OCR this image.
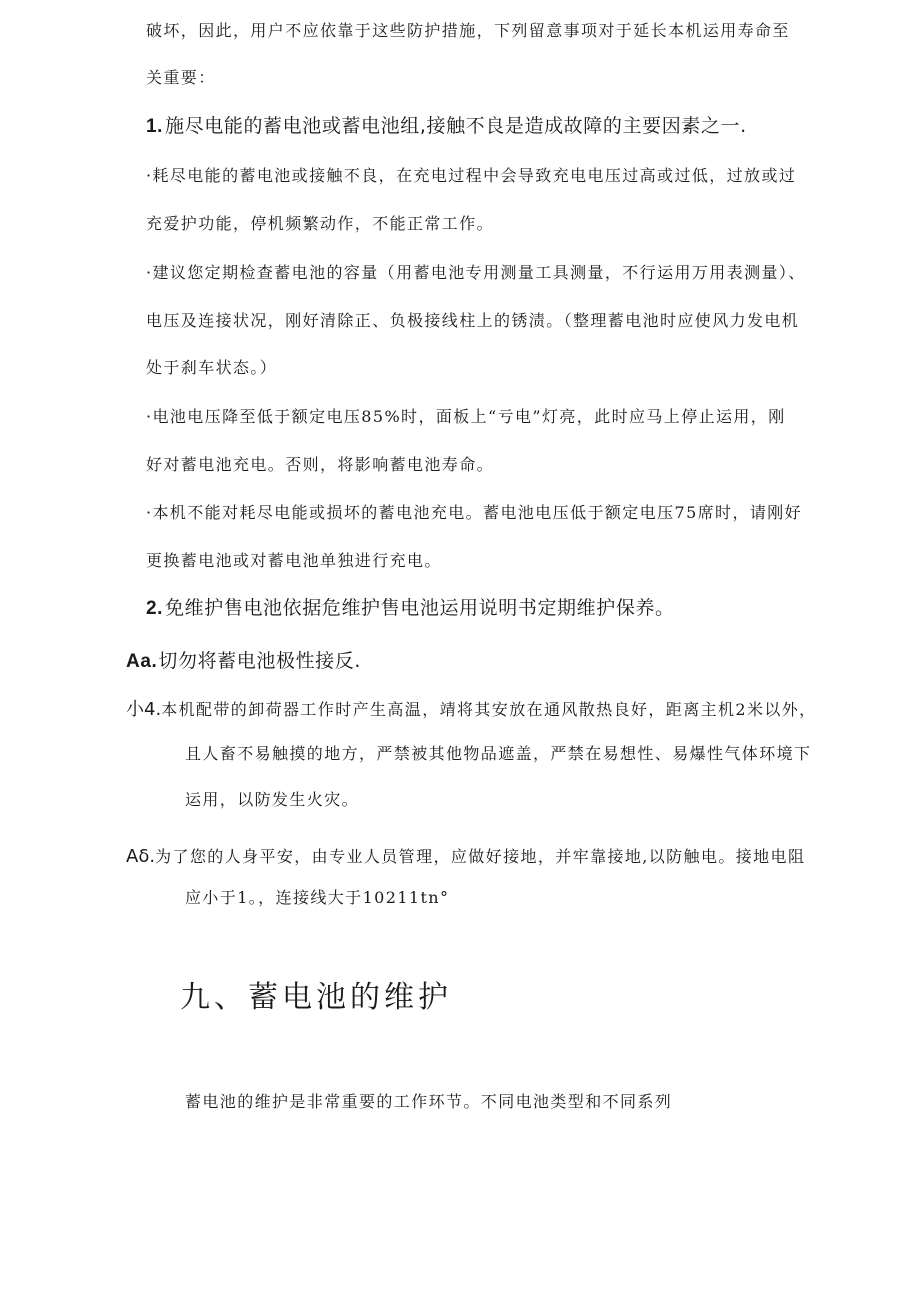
破坏，因此，用户不应依靠于这些防护措施，下列留意事项对于延长本机运用寿命至
关重要：
1. 施尽电能的蓄电池或蓄电池组,接触不良是造成故障的主要因素之一.
·耗尽电能的蓄电池或接触不良，在充电过程中会导致充电电压过高或过低，过放或过
充爱护功能，停机频繁动作，不能正常工作。
·建议您定期检查蓄电池的容量（用蓄电池专用测量工具测量，不行运用万用表测量）、
电压及连接状况，刚好清除正、负极接线柱上的锈渍。（整理蓄电池时应使风力发电机
处于刹车状态。）
·电池电压降至低于额定电压85%时，面板上“亏电”灯亮，此时应马上停止运用，刚
好对蓄电池充电。否则，将影响蓄电池寿命。
·本机不能对耗尽电能或损坏的蓄电池充电。蓄电池电压低于额定电压75席时，请刚好
更换蓄电池或对蓄电池单独进行充电。
2. 免维护售电池依据危维护售电池运用说明书定期维护保养。
Aa.切勿将蓄电池极性接反.
小4.本机配带的卸荷器工作时产生高温，靖将其安放在通风散热良好，距离主机2米以外，
且人畜不易触摸的地方，严禁被其他物品遮盖，严禁在易想性、易爆性气体环境下
运用，以防发生火灾。
Aδ.为了您的人身平安，由专业人员管理，应做好接地，并牢靠接地,以防触电。接地电阻
应小于1。，连接线大于10211tn°
九、蓄电池的维护
蓄电池的维护是非常重要的工作环节。不同电池类型和不同系列
